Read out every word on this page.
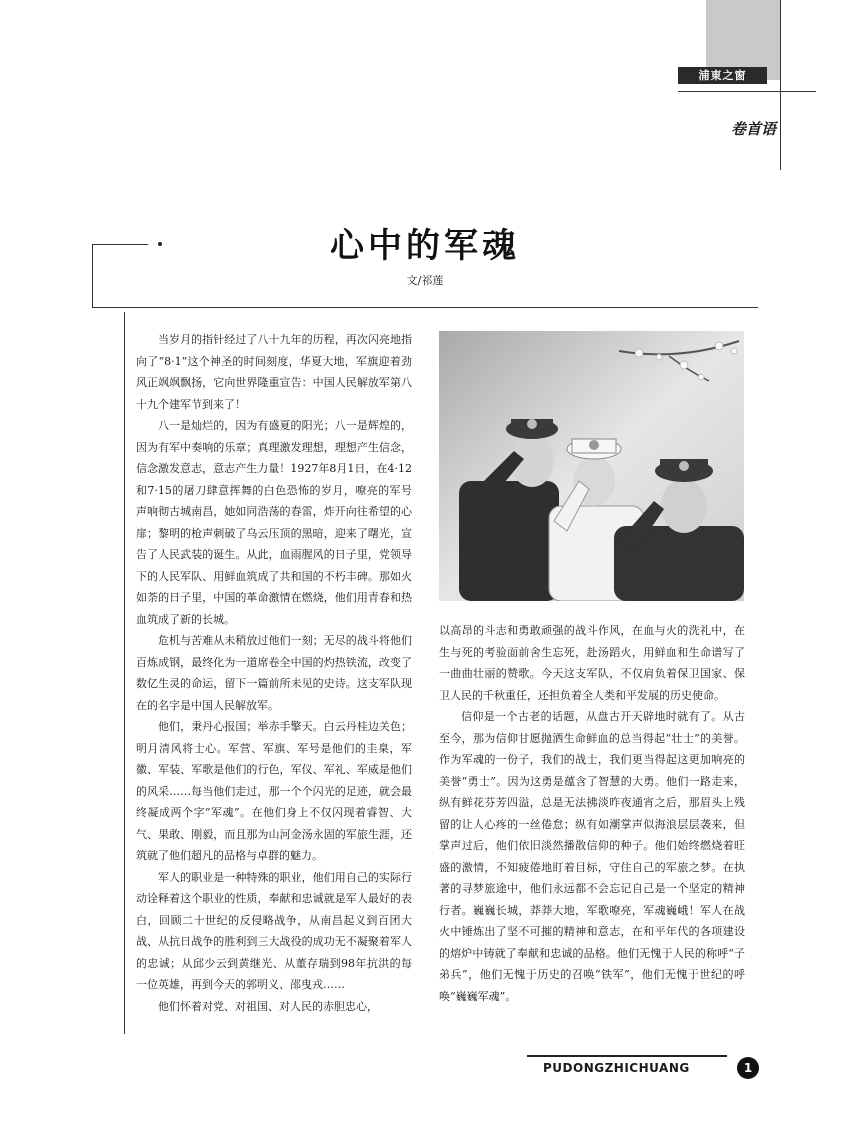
浦東之窗
卷首语
心中的军魂
文/祁莲

当岁月的指针经过了八十九年的历程，再次闪亮地指向了“8·1”这个神圣的时间刻度，华夏大地，军旗迎着劲风正飒飒飘扬，它向世界隆重宣告：中国人民解放军第八十九个建军节到来了！

八一是灿烂的，因为有盛夏的阳光；八一是辉煌的，因为有军中奏响的乐章；真理激发理想，理想产生信念，信念激发意志，意志产生力量！1927年8月1日，在4·12和7·15的屠刀肆意挥舞的白色恐怖的岁月，嘹亮的军号声响彻古城南昌，她如同浩荡的春雷，炸开向往希望的心扉；黎明的枪声刺破了乌云压顶的黑暗，迎来了曙光，宣告了人民武装的诞生。从此，血雨腥风的日子里，党领导下的人民军队、用鲜血筑成了共和国的不朽丰碑。那如火如荼的日子里，中国的革命激情在燃烧，他们用青春和热血筑成了新的长城。

危机与苦难从未稍放过他们一刻；无尽的战斗将他们百炼成钢，最终化为一道席卷全中国的灼热铁流，改变了数亿生灵的命运，留下一篇前所未见的史诗。这支军队现在的名字是中国人民解放军。

他们，秉丹心报国；举赤手擎天。白云丹桂边关色；明月清风将士心。军营、军旗、军号是他们的圭臬，军徽、军装、军歌是他们的行色，军仪、军礼、军威是他们的风采……每当他们走过，那一个个闪光的足迹，就会最终凝成两个字“军魂”。在他们身上不仅闪现着睿智、大气、果敢、刚毅，而且那为山河金汤永固的军旅生涯，还筑就了他们超凡的品格与卓群的魅力。

军人的职业是一种特殊的职业，他们用自己的实际行动诠释着这个职业的性质，奉献和忠诚就是军人最好的表白，回顾二十世纪的反侵略战争，从南昌起义到百团大战、从抗日战争的胜利到三大战役的成功无不凝聚着军人的忠诚；从邱少云到黄继光、从董存瑞到98年抗洪的每一位英雄，再到今天的郭明义、邵曳戎……

他们怀着对党、对祖国、对人民的赤胆忠心，

以高昂的斗志和勇敢顽强的战斗作风，在血与火的洗礼中，在生与死的考验面前舍生忘死，赴汤蹈火，用鲜血和生命谱写了一曲曲壮丽的赞歌。今天这支军队，不仅肩负着保卫国家、保卫人民的千秋重任，还担负着全人类和平发展的历史使命。

信仰是一个古老的话题，从盘古开天辟地时就有了。从古至今，那为信仰甘愿抛洒生命鲜血的总当得起“壮士”的美誉。作为军魂的一份子，我们的战士，我们更当得起这更加响亮的美誉“勇士”。因为这勇是蕴含了智慧的大勇。他们一路走来，纵有鲜花芬芳四溢，总是无法拂淡昨夜通宵之后，那眉头上残留的让人心疼的一丝倦怠；纵有如潮掌声似海浪层层袭来，但掌声过后，他们依旧淡然播散信仰的种子。他们始终燃烧着旺盛的激情，不知疲倦地盯着目标，守住自己的军旅之梦。在执著的寻梦旅途中，他们永远都不会忘记自己是一个坚定的精神行者。巍巍长城，莽莽大地，军歌嘹亮，军魂巍峨！军人在战火中锤炼出了坚不可摧的精神和意志，在和平年代的各项建设的熔炉中铸就了奉献和忠诚的品格。他们无愧于人民的称呼“子弟兵”，他们无愧于历史的召唤“铁军”，他们无愧于世纪的呼唤“巍巍军魂”。

PUDONGZHICHUANG	1
